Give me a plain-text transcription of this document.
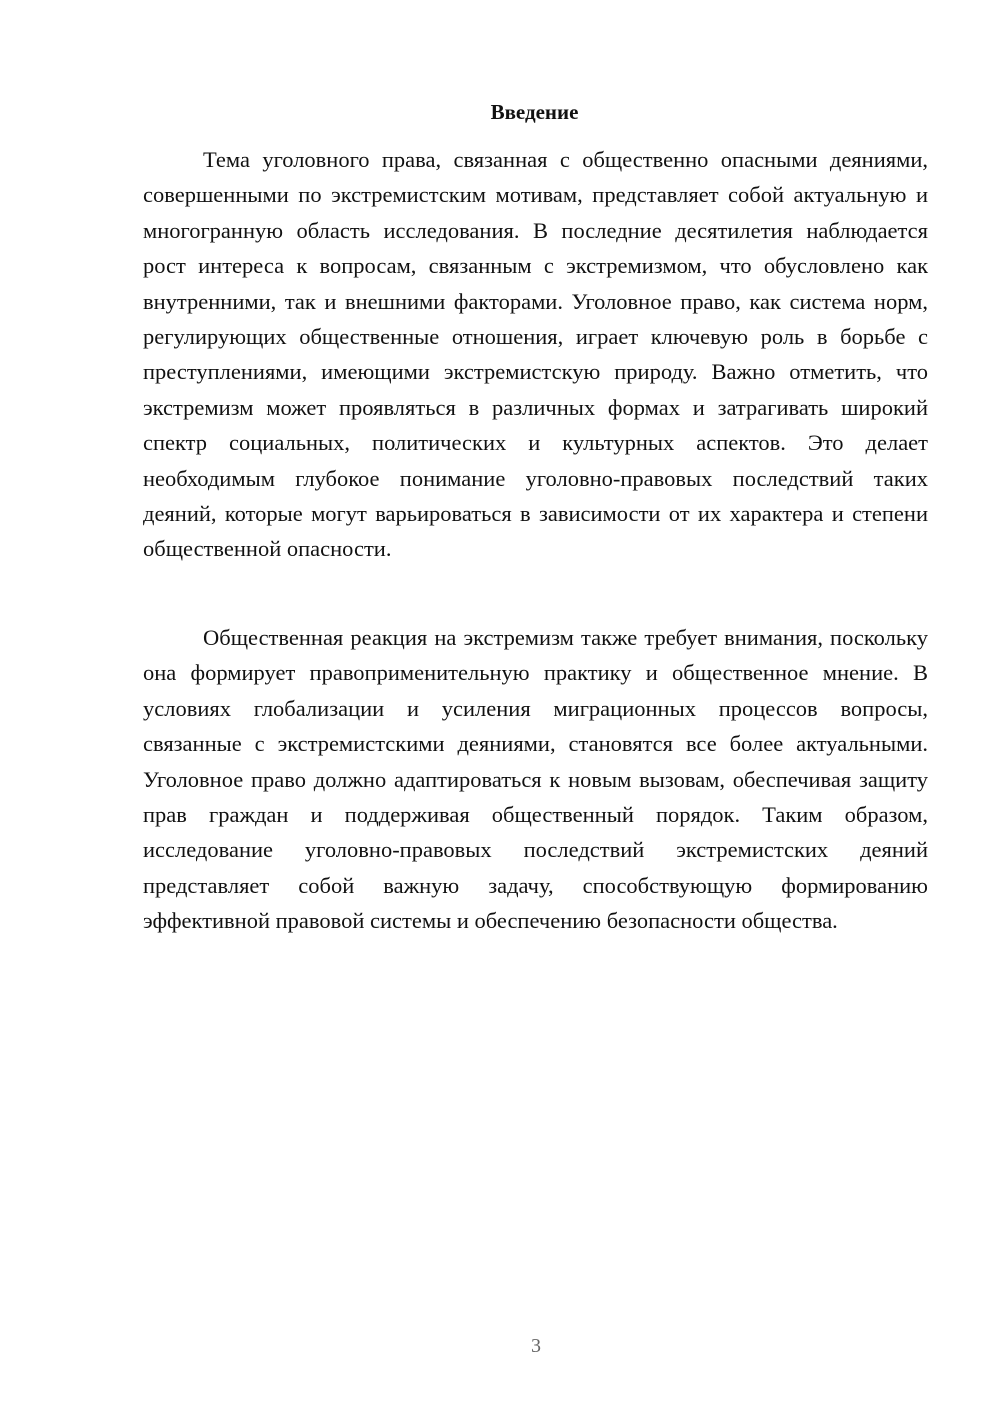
Введение

Тема уголовного права, связанная с общественно опасными деяниями, совершенными по экстремистским мотивам, представляет собой актуальную и многогранную область исследования. В последние десятилетия наблюдается рост интереса к вопросам, связанным с экстремизмом, что обусловлено как внутренними, так и внешними факторами. Уголовное право, как система норм, регулирующих общественные отношения, играет ключевую роль в борьбе с преступлениями, имеющими экстремистскую природу. Важно отметить, что экстремизм может проявляться в различных формах и затрагивать широкий спектр социальных, политических и культурных аспектов. Это делает необходимым глубокое понимание уголовно-правовых последствий таких деяний, которые могут варьироваться в зависимости от их характера и степени общественной опасности.

Общественная реакция на экстремизм также требует внимания, поскольку она формирует правоприменительную практику и общественное мнение. В условиях глобализации и усиления миграционных процессов вопросы, связанные с экстремистскими деяниями, становятся все более актуальными. Уголовное право должно адаптироваться к новым вызовам, обеспечивая защиту прав граждан и поддерживая общественный порядок. Таким образом, исследование уголовно-правовых последствий экстремистских деяний представляет собой важную задачу, способствующую формированию эффективной правовой системы и обеспечению безопасности общества.

3
